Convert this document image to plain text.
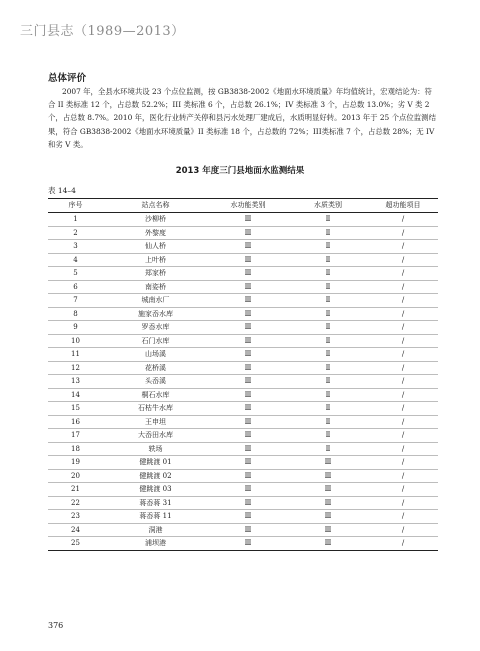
三门县志（1989—2013）
总体评价

2007 年，全县水环境共设 23 个点位监测，按 GB3838-2002《地面水环境质量》年均值统计，宏观结论为：符合 II 类标准 12 个，占总数 52.2%；III 类标准 6 个，占总数 26.1%；IV 类标准 3 个，占总数 13.0%；劣 V 类 2 个，占总数 8.7%。2010 年，医化行业转产关停和县污水处理厂建成后，水质明显好转。2013 年于 25 个点位监测结果，符合 GB3838-2002《地面水环境质量》II 类标准 18 个，占总数的 72%；III类标准 7 个，占总数 28%；无 IV 和劣 V 类。

2013 年度三门县地面水监测结果
表 14–4
序号	站点名称	水功能类别	水质类别	超功能项目
1	沙柳桥	Ⅲ	Ⅱ	/
2	外黎度	Ⅲ	Ⅱ	/
3	仙人桥	Ⅲ	Ⅱ	/
4	上叶桥	Ⅲ	Ⅱ	/
5	郑家桥	Ⅲ	Ⅱ	/
6	南姿桥	Ⅲ	Ⅱ	/
7	城南水厂	Ⅲ	Ⅱ	/
8	施家岙水库	Ⅲ	Ⅱ	/
9	罗岙水库	Ⅲ	Ⅱ	/
10	石门水库	Ⅲ	Ⅱ	/
11	山场溪	Ⅲ	Ⅱ	/
12	花桥溪	Ⅲ	Ⅱ	/
13	头岙溪	Ⅲ	Ⅱ	/
14	桐石水库	Ⅲ	Ⅱ	/
15	石枯牛水库	Ⅲ	Ⅱ	/
16	王申坦	Ⅲ	Ⅱ	/
17	大岙田水库	Ⅲ	Ⅱ	/
18	轶场	Ⅲ	Ⅱ	/
19	健跳渡 01	Ⅲ	Ⅲ	/
20	健跳渡 02	Ⅲ	Ⅲ	/
21	健跳渡 03	Ⅲ	Ⅲ	/
22	蒋岙蒋 31	Ⅲ	Ⅲ	/
23	蒋岙蒋 11	Ⅲ	Ⅲ	/
24	洞港	Ⅲ	Ⅲ	/
25	浦坝港	Ⅲ	Ⅲ	/
376
